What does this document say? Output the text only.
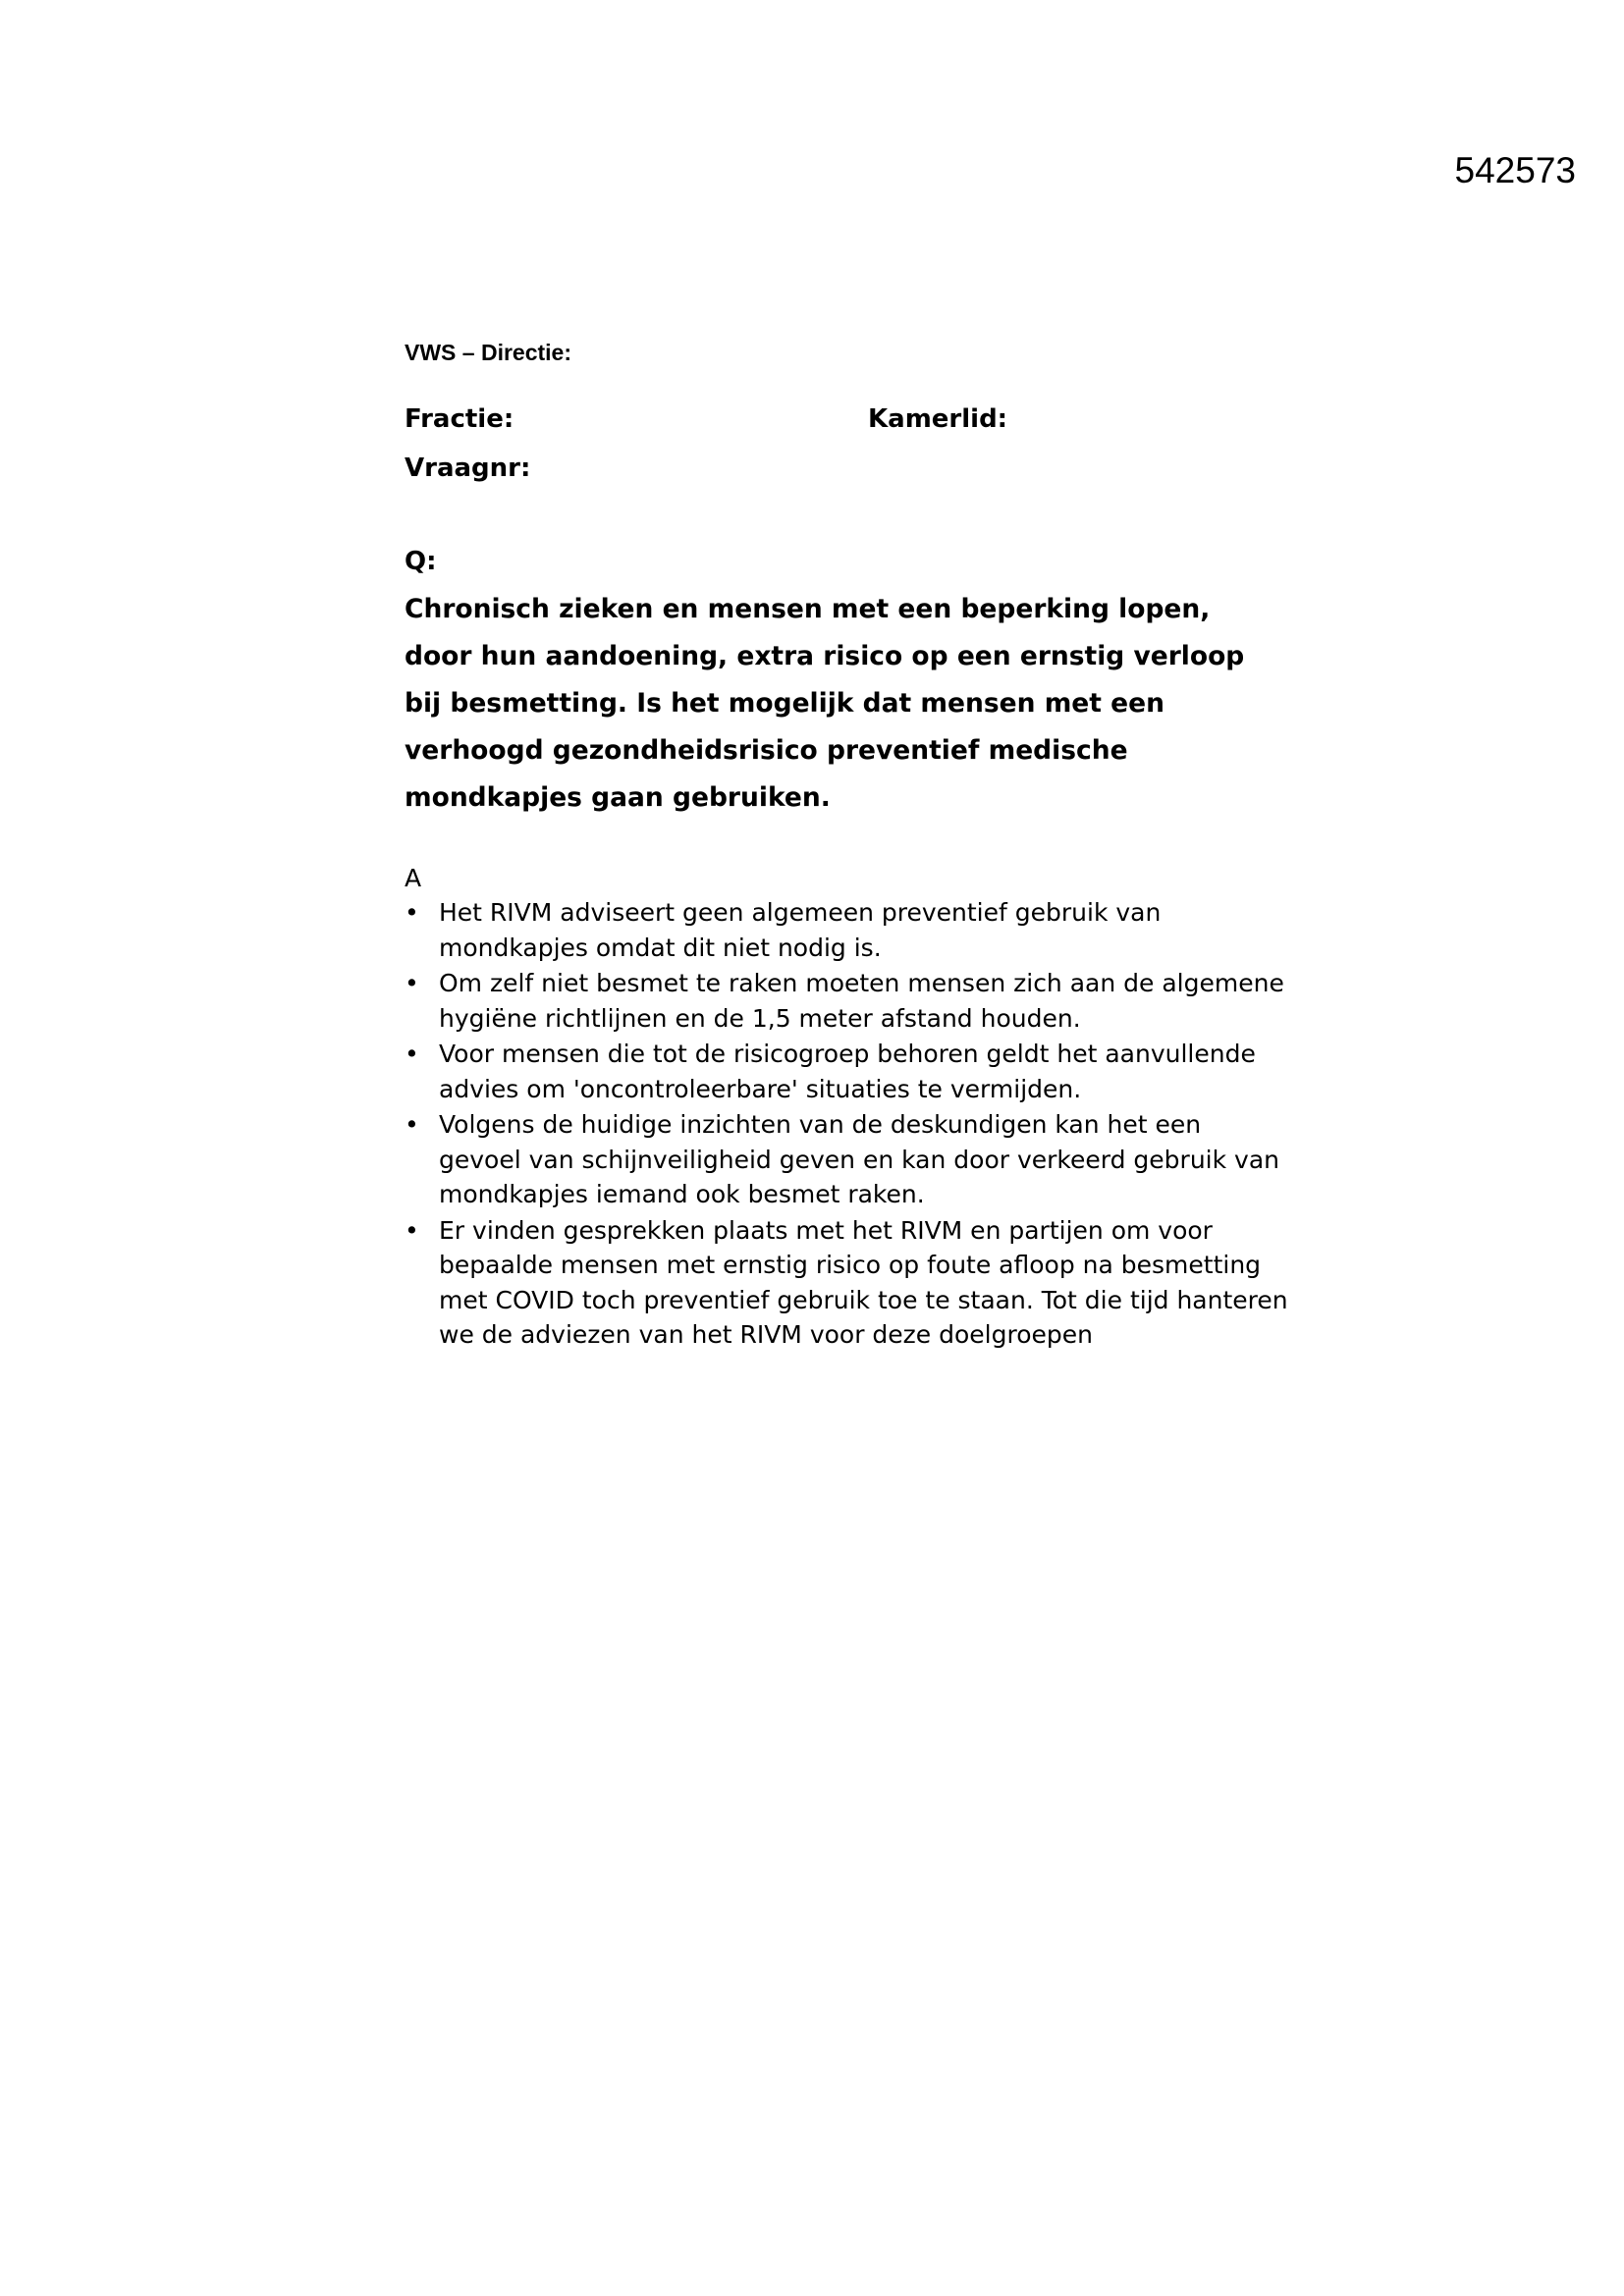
542573
VWS – Directie:
Fractie:	Kamerlid:
Vraagnr:
Q:

Chronisch zieken en mensen met een beperking lopen, door hun aandoening, extra risico op een ernstig verloop bij besmetting. Is het mogelijk dat mensen met een verhoogd gezondheidsrisico preventief medische mondkapjes gaan gebruiken.

A
• Het RIVM adviseert geen algemeen preventief gebruik van mondkapjes omdat dit niet nodig is.
• Om zelf niet besmet te raken moeten mensen zich aan de algemene hygiëne richtlijnen en de 1,5 meter afstand houden.
• Voor mensen die tot de risicogroep behoren geldt het aanvullende advies om 'oncontroleerbare' situaties te vermijden.
• Volgens de huidige inzichten van de deskundigen kan het een gevoel van schijnveiligheid geven en kan door verkeerd gebruik van mondkapjes iemand ook besmet raken.
• Er vinden gesprekken plaats met het RIVM en partijen om voor bepaalde mensen met ernstig risico op foute afloop na besmetting met COVID toch preventief gebruik toe te staan. Tot die tijd hanteren we de adviezen van het RIVM voor deze doelgroepen
